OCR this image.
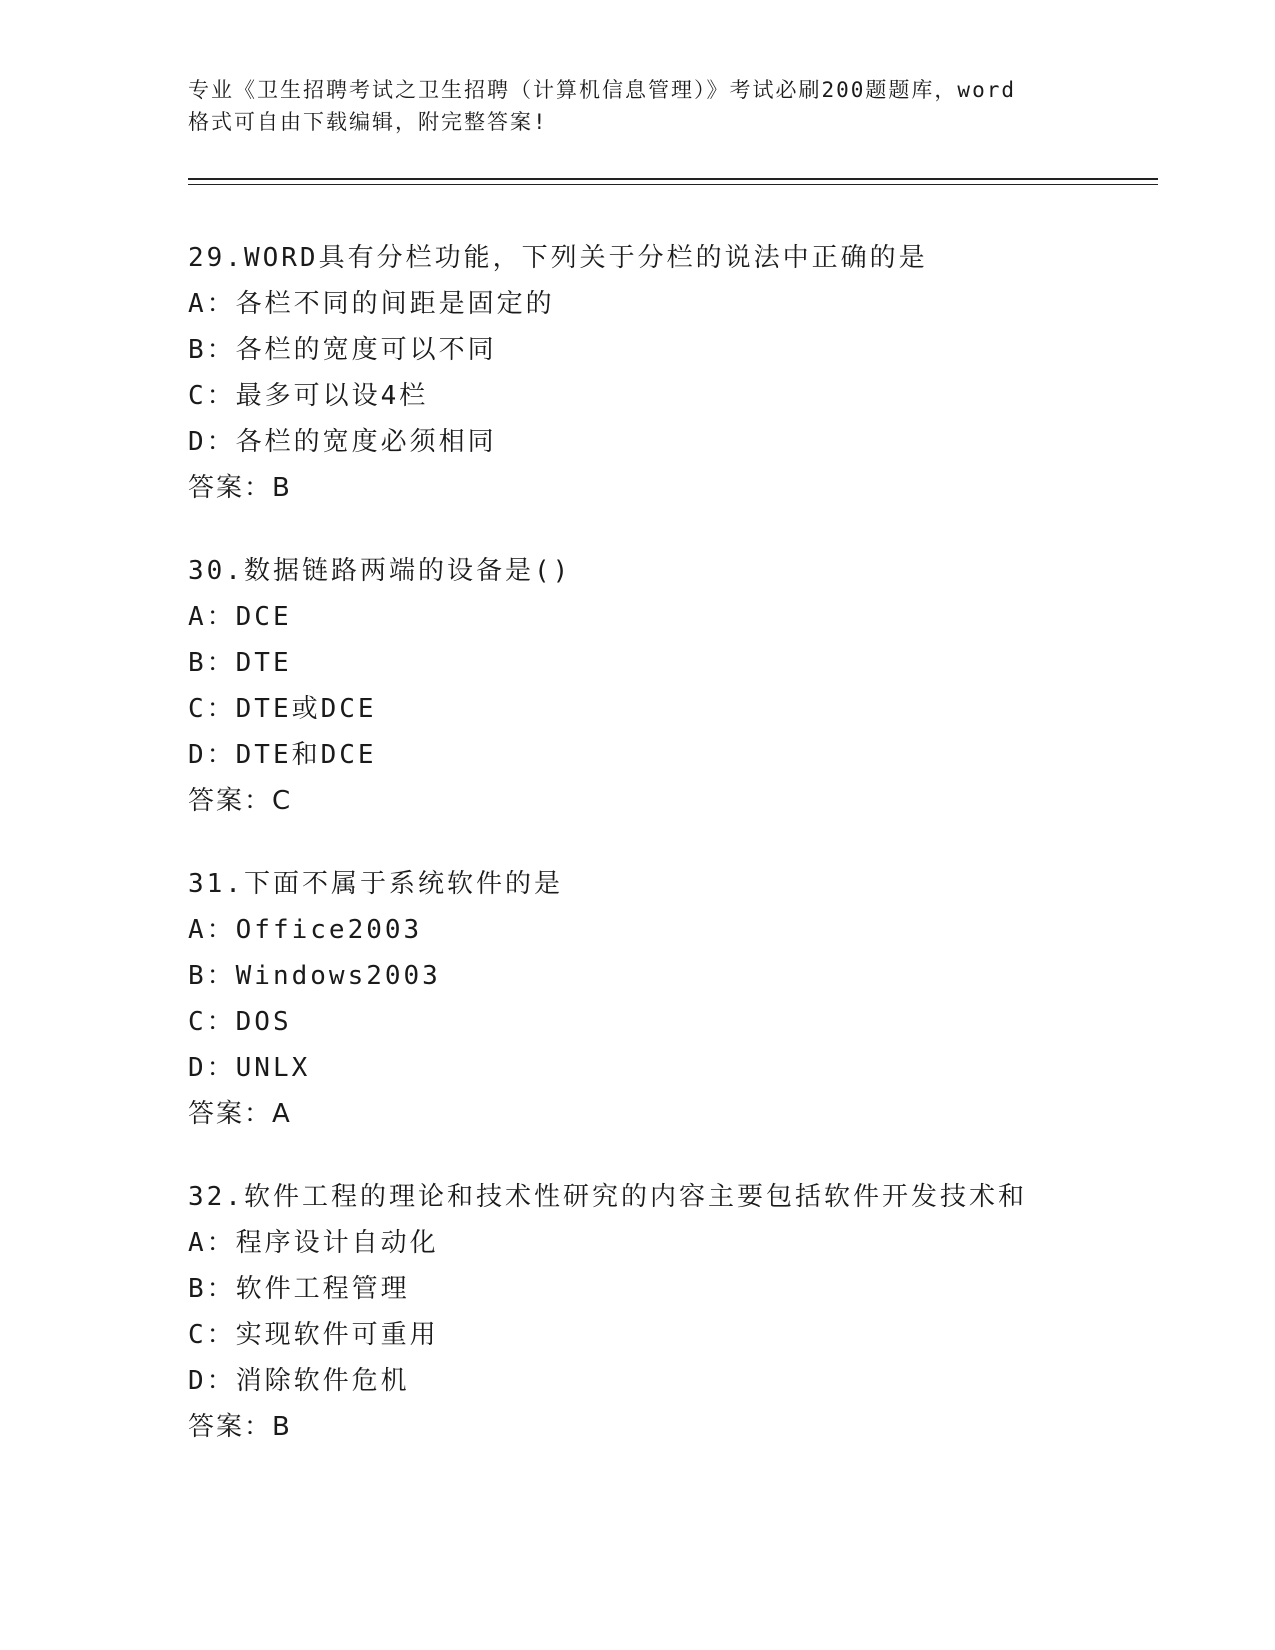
专业《卫生招聘考试之卫生招聘（计算机信息管理）》考试必刷200题题库，word

格式可自由下载编辑，附完整答案!

29.WORD具有分栏功能，下列关于分栏的说法中正确的是
A：各栏不同的间距是固定的
B：各栏的宽度可以不同
C：最多可以设4栏
D：各栏的宽度必须相同
答案：B
30.数据链路两端的设备是()
A：DCE
B：DTE
C：DTE或DCE
D：DTE和DCE
答案：C
31.下面不属于系统软件的是
A：Office2003
B：Windows2003
C：DOS
D：UNLX
答案：A
32.软件工程的理论和技术性研究的内容主要包括软件开发技术和
A：程序设计自动化
B：软件工程管理
C：实现软件可重用
D：消除软件危机
答案：B
